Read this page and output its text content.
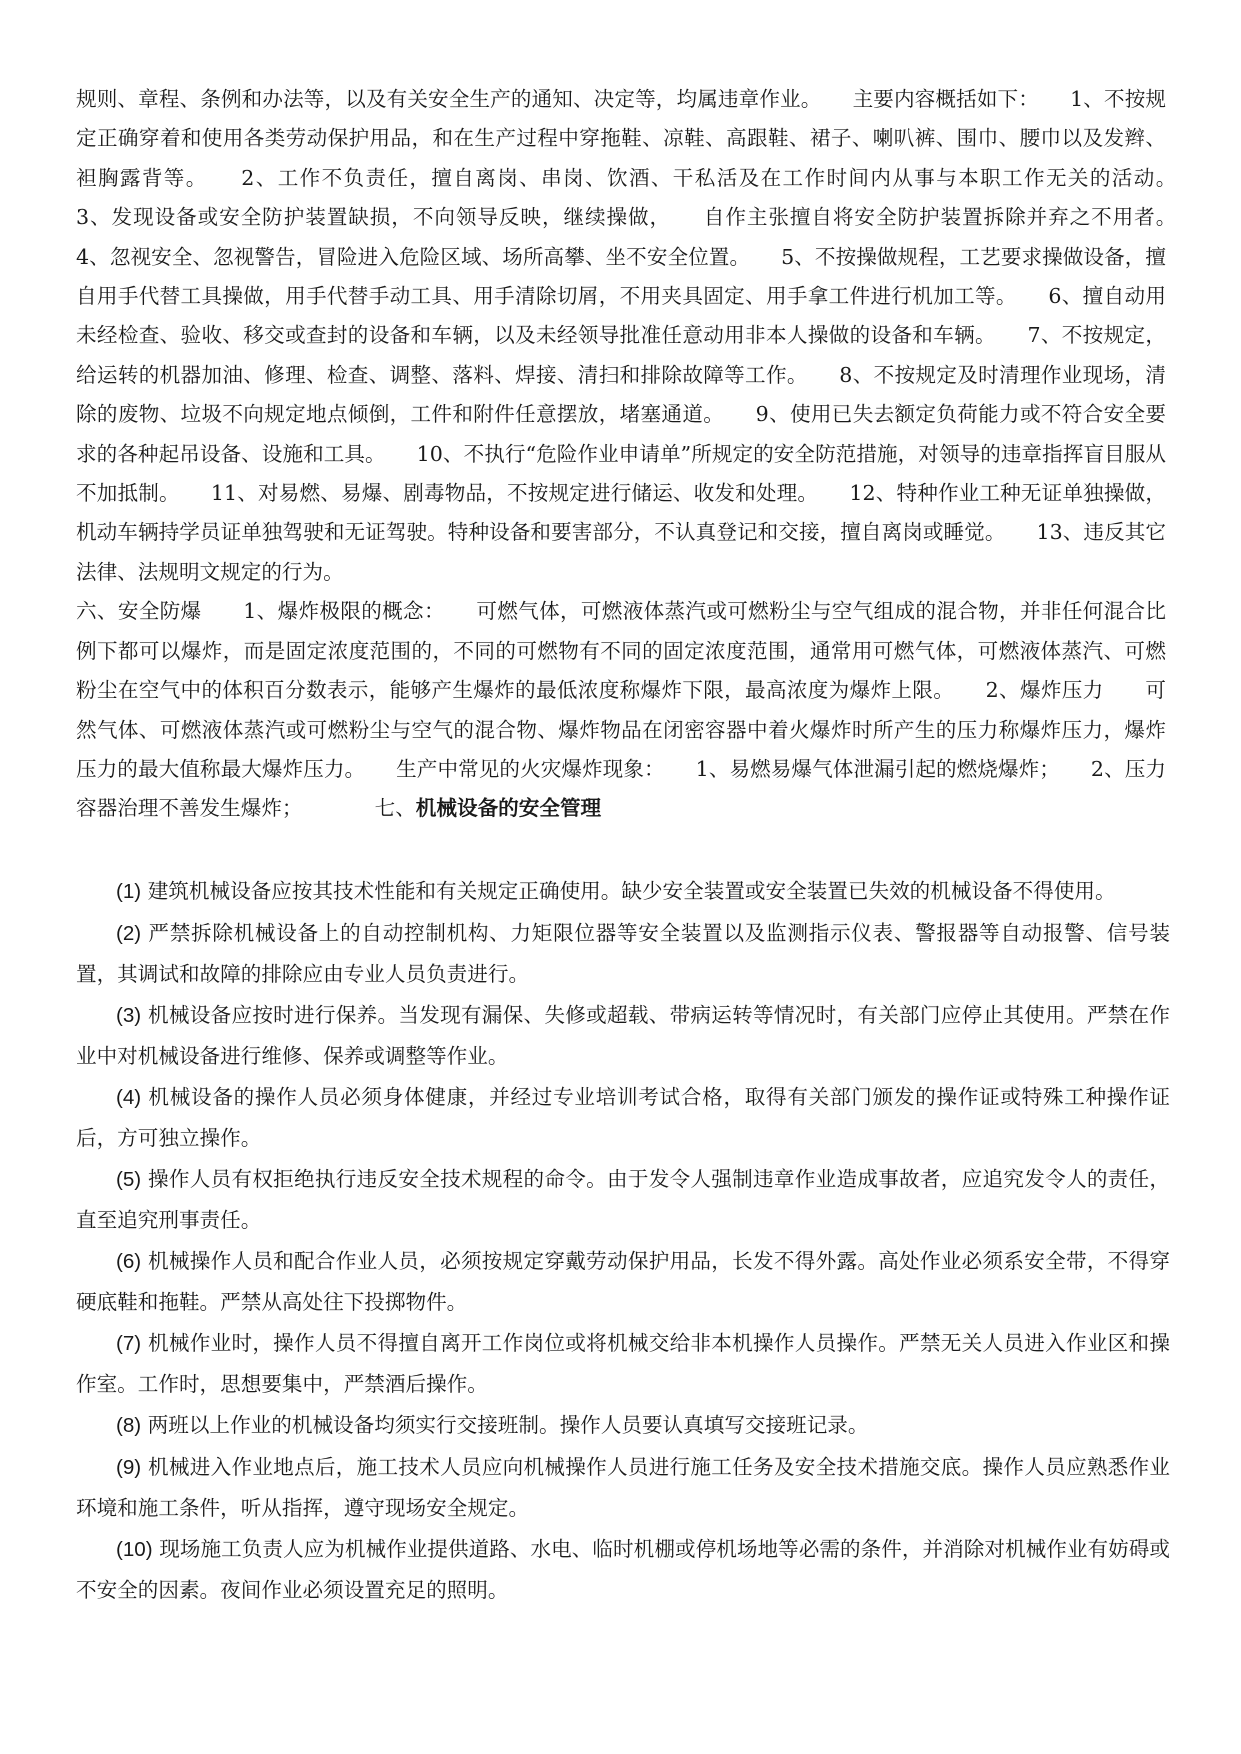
规则、章程、条例和办法等，以及有关安全生产的通知、决定等，均属违章作业。　　主要内容概括如下：　　1、不按规定正确穿着和使用各类劳动保护用品，和在生产过程中穿拖鞋、凉鞋、高跟鞋、裙子、喇叭裤、围巾、腰巾以及发辫、袒胸露背等。　　2、工作不负责任，擅自离岗、串岗、饮酒、干私活及在工作时间内从事与本职工作无关的活动。　　3、发现设备或安全防护装置缺损，不向领导反映，继续操做，　　自作主张擅自将安全防护装置拆除并弃之不用者。　　4、忽视安全、忽视警告，冒险进入危险区域、场所高攀、坐不安全位置。　　5、不按操做规程，工艺要求操做设备，擅自用手代替工具操做，用手代替手动工具、用手清除切屑，不用夹具固定、用手拿工件进行机加工等。　　6、擅自动用未经检查、验收、移交或查封的设备和车辆，以及未经领导批准任意动用非本人操做的设备和车辆。　　7、不按规定，给运转的机器加油、修理、检查、调整、落料、焊接、清扫和排除故障等工作。　　8、不按规定及时清理作业现场，清除的废物、垃圾不向规定地点倾倒，工件和附件任意摆放，堵塞通道。　　9、使用已失去额定负荷能力或不符合安全要求的各种起吊设备、设施和工具。　　10、不执行“危险作业申请单”所规定的安全防范措施，对领导的违章指挥盲目服从不加抵制。　　11、对易燃、易爆、剧毒物品，不按规定进行储运、收发和处理。　　12、特种作业工种无证单独操做，机动车辆持学员证单独驾驶和无证驾驶。特种设备和要害部分，不认真登记和交接，擅自离岗或睡觉。　　13、违反其它法律、法规明文规定的行为。

六、安全防爆　　1、爆炸极限的概念：　　可燃气体，可燃液体蒸汽或可燃粉尘与空气组成的混合物，并非任何混合比例下都可以爆炸，而是固定浓度范围的，不同的可燃物有不同的固定浓度范围，通常用可燃气体，可燃液体蒸汽、可燃粉尘在空气中的体积百分数表示，能够产生爆炸的最低浓度称爆炸下限，最高浓度为爆炸上限。　　2、爆炸压力　　可然气体、可燃液体蒸汽或可燃粉尘与空气的混合物、爆炸物品在闭密容器中着火爆炸时所产生的压力称爆炸压力，爆炸压力的最大值称最大爆炸压力。　　生产中常见的火灾爆炸现象：　　1、易燃易爆气体泄漏引起的燃烧爆炸；　　2、压力容器治理不善发生爆炸；　　　　七、机械设备的安全管理

(1) 建筑机械设备应按其技术性能和有关规定正确使用。缺少安全装置或安全装置已失效的机械设备不得使用。

(2) 严禁拆除机械设备上的自动控制机构、力矩限位器等安全装置以及监测指示仪表、警报器等自动报警、信号装置，其调试和故障的排除应由专业人员负责进行。

(3) 机械设备应按时进行保养。当发现有漏保、失修或超载、带病运转等情况时，有关部门应停止其使用。严禁在作业中对机械设备进行维修、保养或调整等作业。

(4) 机械设备的操作人员必须身体健康，并经过专业培训考试合格，取得有关部门颁发的操作证或特殊工种操作证后，方可独立操作。

(5) 操作人员有权拒绝执行违反安全技术规程的命令。由于发令人强制违章作业造成事故者，应追究发令人的责任，直至追究刑事责任。

(6) 机械操作人员和配合作业人员，必须按规定穿戴劳动保护用品，长发不得外露。高处作业必须系安全带，不得穿硬底鞋和拖鞋。严禁从高处往下投掷物件。

(7) 机械作业时，操作人员不得擅自离开工作岗位或将机械交给非本机操作人员操作。严禁无关人员进入作业区和操作室。工作时，思想要集中，严禁酒后操作。

(8) 两班以上作业的机械设备均须实行交接班制。操作人员要认真填写交接班记录。

(9) 机械进入作业地点后，施工技术人员应向机械操作人员进行施工任务及安全技术措施交底。操作人员应熟悉作业环境和施工条件，听从指挥，遵守现场安全规定。

(10) 现场施工负责人应为机械作业提供道路、水电、临时机棚或停机场地等必需的条件，并消除对机械作业有妨碍或不安全的因素。夜间作业必须设置充足的照明。
